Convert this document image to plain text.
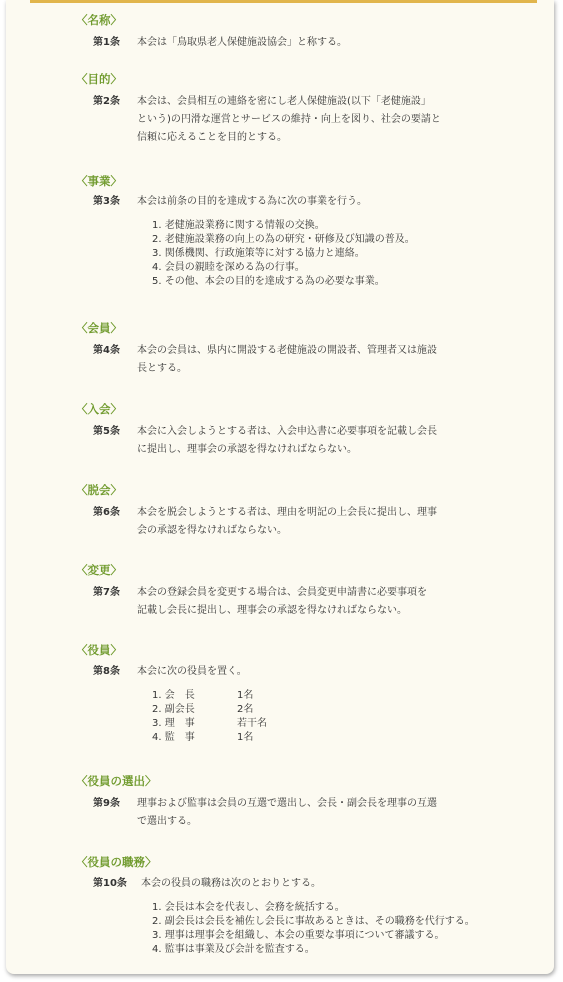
〈名称〉
第1条 本会は「鳥取県老人保健施設協会」と称する。
〈目的〉
第2条 本会は、会員相互の連絡を密にし老人保健施設(以下「老健施設」
という)の円滑な運営とサービスの維持・向上を図り、社会の要請と
信頼に応えることを目的とする。
〈事業〉
第3条 本会は前条の目的を達成する為に次の事業を行う。
1. 老健施設業務に関する情報の交換。
2. 老健施設業務の向上の為の研究・研修及び知識の普及。
3. 関係機関、行政施策等に対する協力と連絡。
4. 会員の親睦を深める為の行事。
5. その他、本会の目的を達成する為の必要な事業。
〈会員〉
第4条 本会の会員は、県内に開設する老健施設の開設者、管理者又は施設
長とする。
〈入会〉
第5条 本会に入会しようとする者は、入会申込書に必要事項を記載し会長
に提出し、理事会の承認を得なければならない。
〈脱会〉
第6条 本会を脱会しようとする者は、理由を明記の上会長に提出し、理事
会の承認を得なければならない。
〈変更〉
第7条 本会の登録会員を変更する場合は、会員変更申請書に必要事項を
記載し会長に提出し、理事会の承認を得なければならない。
〈役員〉
第8条 本会に次の役員を置く。
1. 会　長	1名
2. 副会長	2名
3. 理　事	若干名
4. 監　事	1名
〈役員の選出〉
第9条 理事および監事は会員の互選で選出し、会長・副会長を理事の互選
で選出する。
〈役員の職務〉
第10条 本会の役員の職務は次のとおりとする。
1. 会長は本会を代表し、会務を統括する。
2. 副会長は会長を補佐し会長に事故あるときは、その職務を代行する。
3. 理事は理事会を組織し、本会の重要な事項について審議する。
4. 監事は事業及び会計を監査する。
